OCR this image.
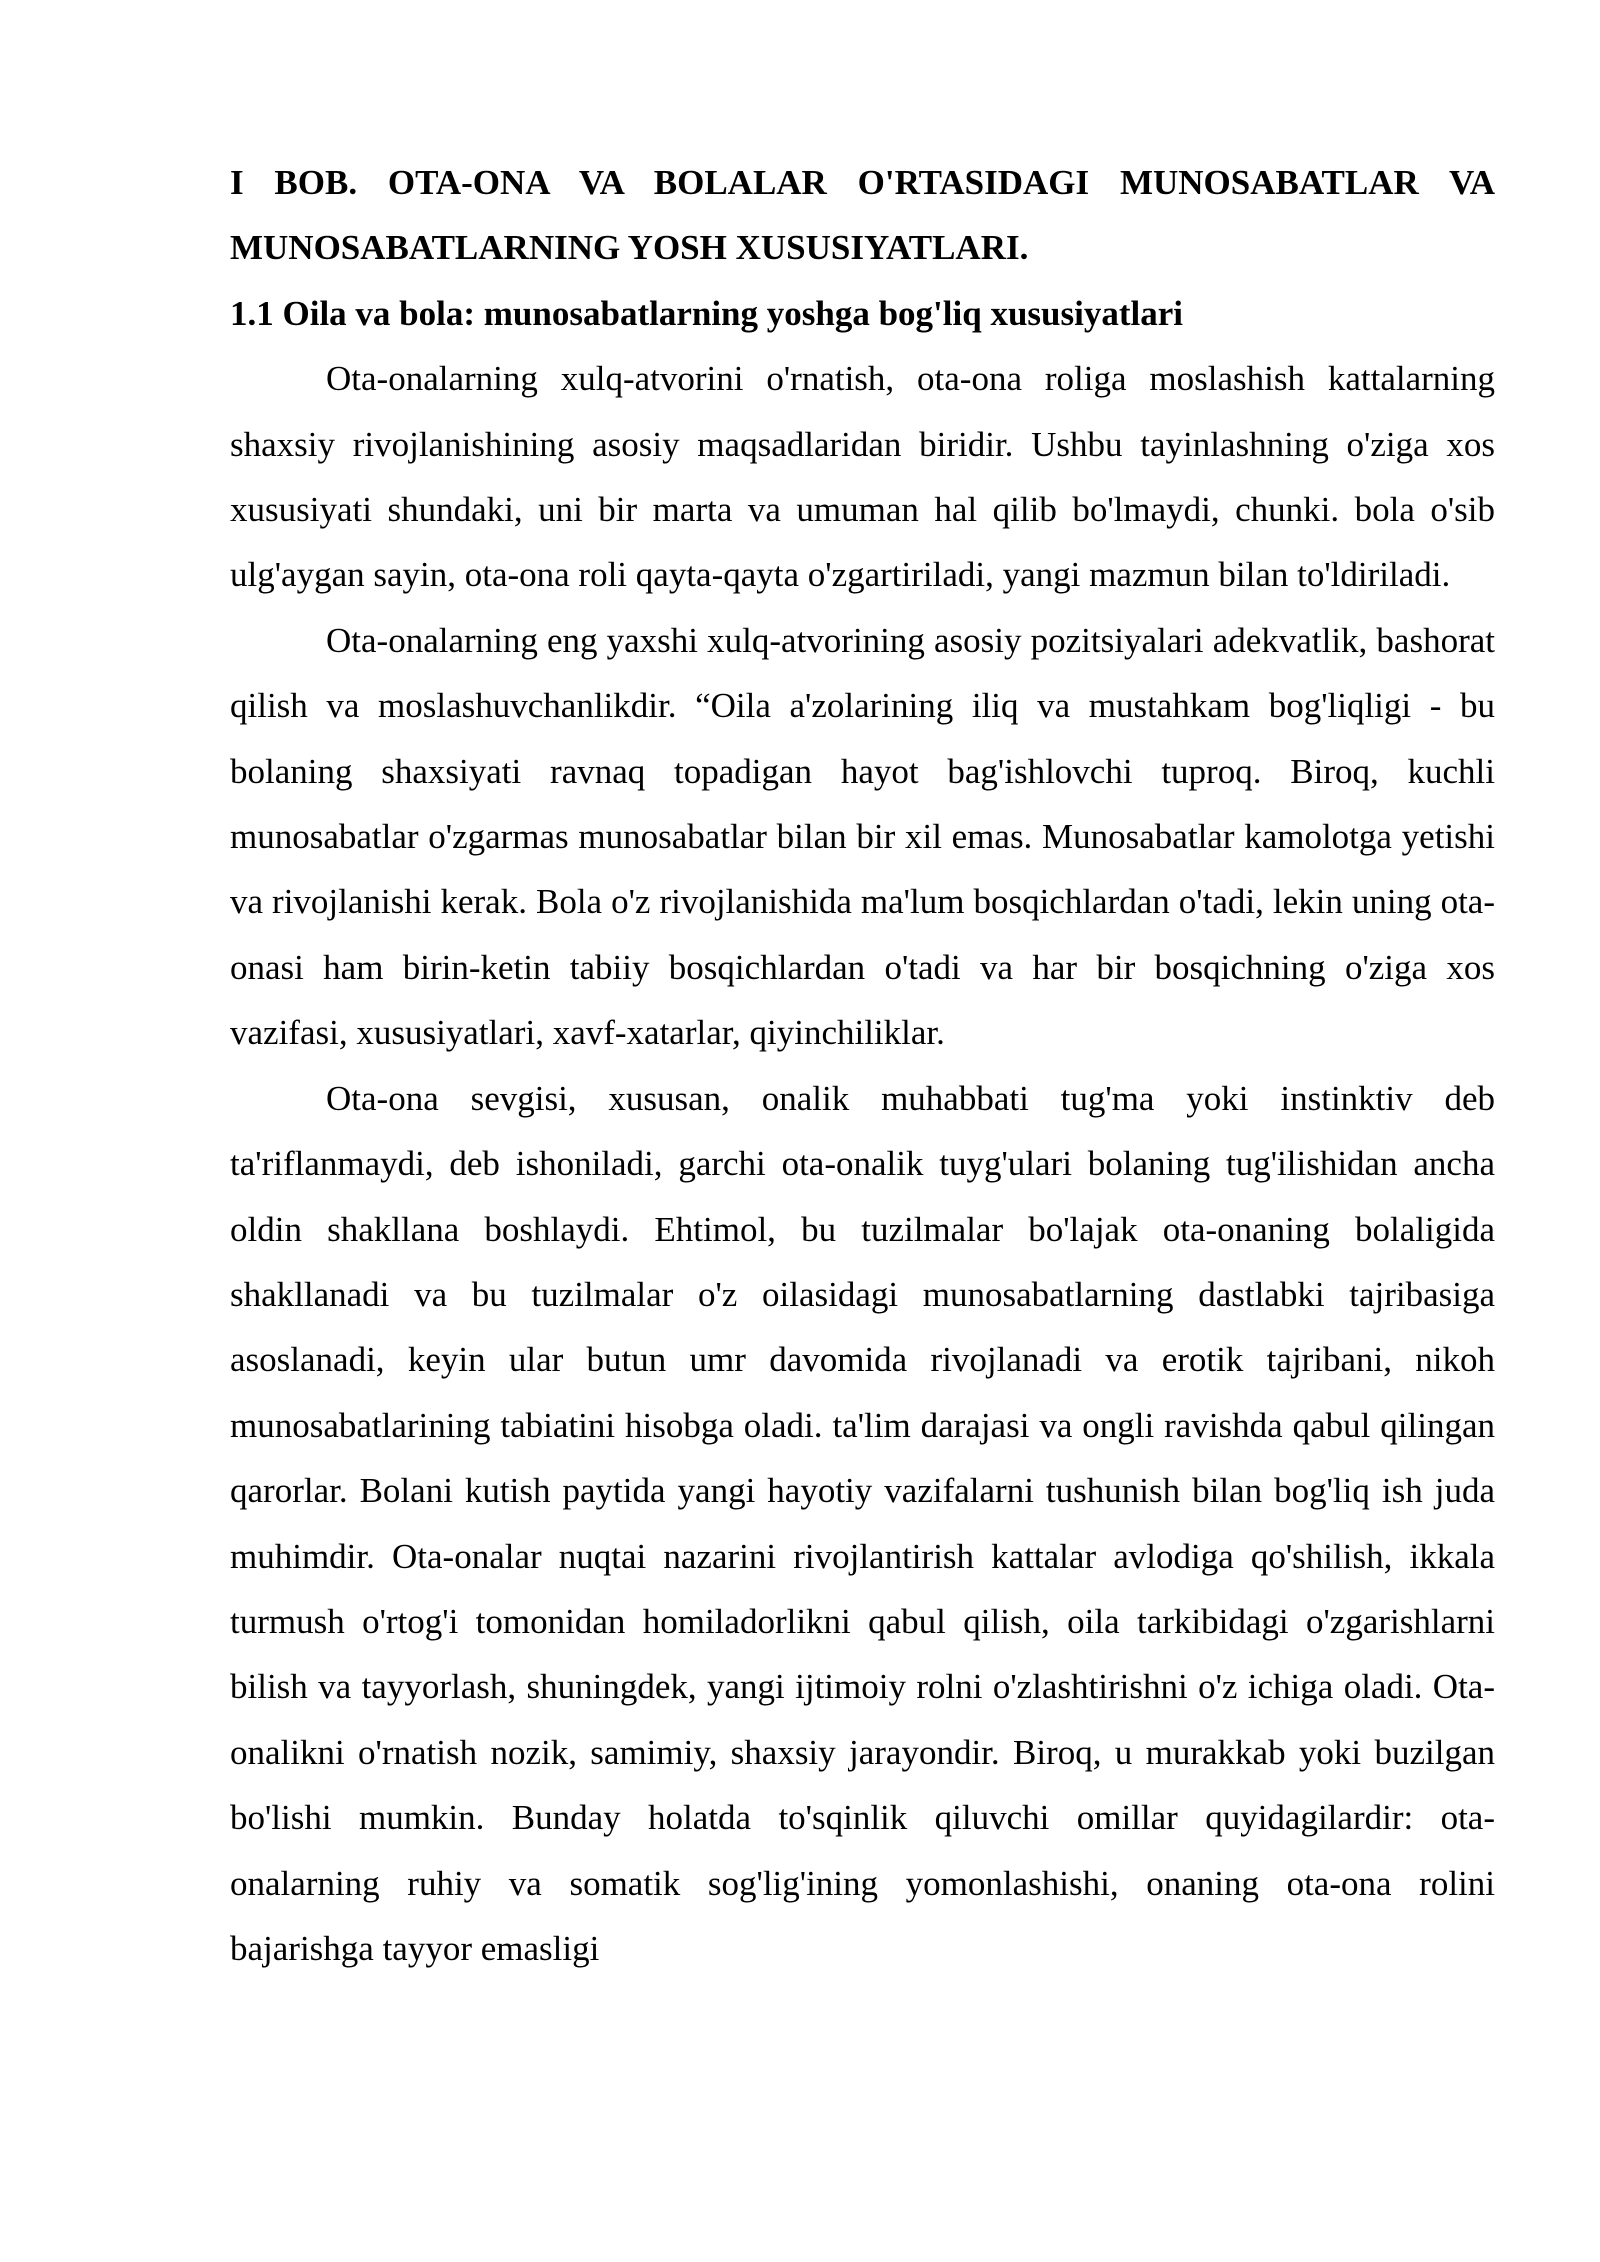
I BOB. OTA-ONA VA BOLALAR O'RTASIDAGI MUNOSABATLAR VA MUNOSABATLARNING YOSH XUSUSIYATLARI.
1.1 Oila va bola: munosabatlarning yoshga bog'liq xususiyatlari

Ota-onalarning xulq-atvorini o'rnatish, ota-ona roliga moslashish kattalarning shaxsiy rivojlanishining asosiy maqsadlaridan biridir. Ushbu tayinlashning o'ziga xos xususiyati shundaki, uni bir marta va umuman hal qilib bo'lmaydi, chunki. bola o'sib ulg'aygan sayin, ota-ona roli qayta-qayta o'zgartiriladi, yangi mazmun bilan to'ldiriladi.

Ota-onalarning eng yaxshi xulq-atvorining asosiy pozitsiyalari adekvatlik, bashorat qilish va moslashuvchanlikdir. “Oila a'zolarining iliq va mustahkam bog'liqligi - bu bolaning shaxsiyati ravnaq topadigan hayot bag'ishlovchi tuproq. Biroq, kuchli munosabatlar o'zgarmas munosabatlar bilan bir xil emas. Munosabatlar kamolotga yetishi va rivojlanishi kerak. Bola o'z rivojlanishida ma'lum bosqichlardan o'tadi, lekin uning ota-onasi ham birin-ketin tabiiy bosqichlardan o'tadi va har bir bosqichning o'ziga xos vazifasi, xususiyatlari, xavf-xatarlar, qiyinchiliklar.

Ota-ona sevgisi, xususan, onalik muhabbati tug'ma yoki instinktiv deb ta'riflanmaydi, deb ishoniladi, garchi ota-onalik tuyg'ulari bolaning tug'ilishidan ancha oldin shakllana boshlaydi. Ehtimol, bu tuzilmalar bo'lajak ota-onaning bolaligida shakllanadi va bu tuzilmalar o'z oilasidagi munosabatlarning dastlabki tajribasiga asoslanadi, keyin ular butun umr davomida rivojlanadi va erotik tajribani, nikoh munosabatlarining tabiatini hisobga oladi. ta'lim darajasi va ongli ravishda qabul qilingan qarorlar. Bolani kutish paytida yangi hayotiy vazifalarni tushunish bilan bog'liq ish juda muhimdir. Ota-onalar nuqtai nazarini rivojlantirish kattalar avlodiga qo'shilish, ikkala turmush o'rtog'i tomonidan homiladorlikni qabul qilish, oila tarkibidagi o'zgarishlarni bilish va tayyorlash, shuningdek, yangi ijtimoiy rolni o'zlashtirishni o'z ichiga oladi. Ota-onalikni o'rnatish nozik, samimiy, shaxsiy jarayondir. Biroq, u murakkab yoki buzilgan bo'lishi mumkin. Bunday holatda to'sqinlik qiluvchi omillar quyidagilardir: ota-onalarning ruhiy va somatik sog'lig'ining yomonlashishi, onaning ota-ona rolini bajarishga tayyor emasligi
